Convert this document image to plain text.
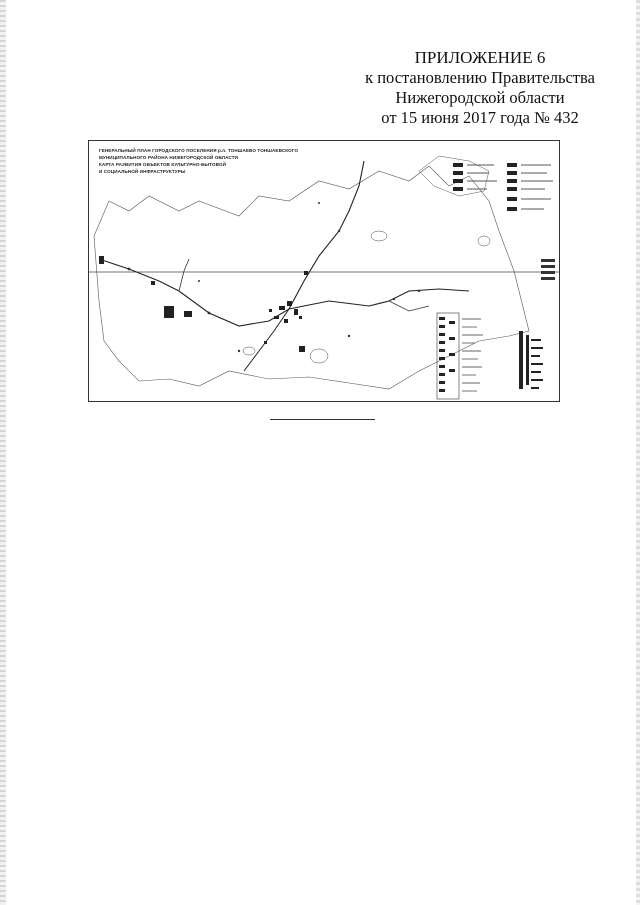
ПРИЛОЖЕНИЕ 6
к постановлению Правительства
Нижегородской области
от 15 июня 2017 года № 432
ГЕНЕРАЛЬНЫЙ ПЛАН ГОРОДСКОГО ПОСЕЛЕНИЯ р.п. ТОНШАЕВО ТОНШАЕВСКОГО
МУНИЦИПАЛЬНОГО РАЙОНА НИЖЕГОРОДСКОЙ ОБЛАСТИ
КАРТА РАЗВИТИЯ ОБЪЕКТОВ КУЛЬТУРНО-БЫТОВОЙ
И СОЦИАЛЬНОЙ ИНФРАСТРУКТУРЫ
